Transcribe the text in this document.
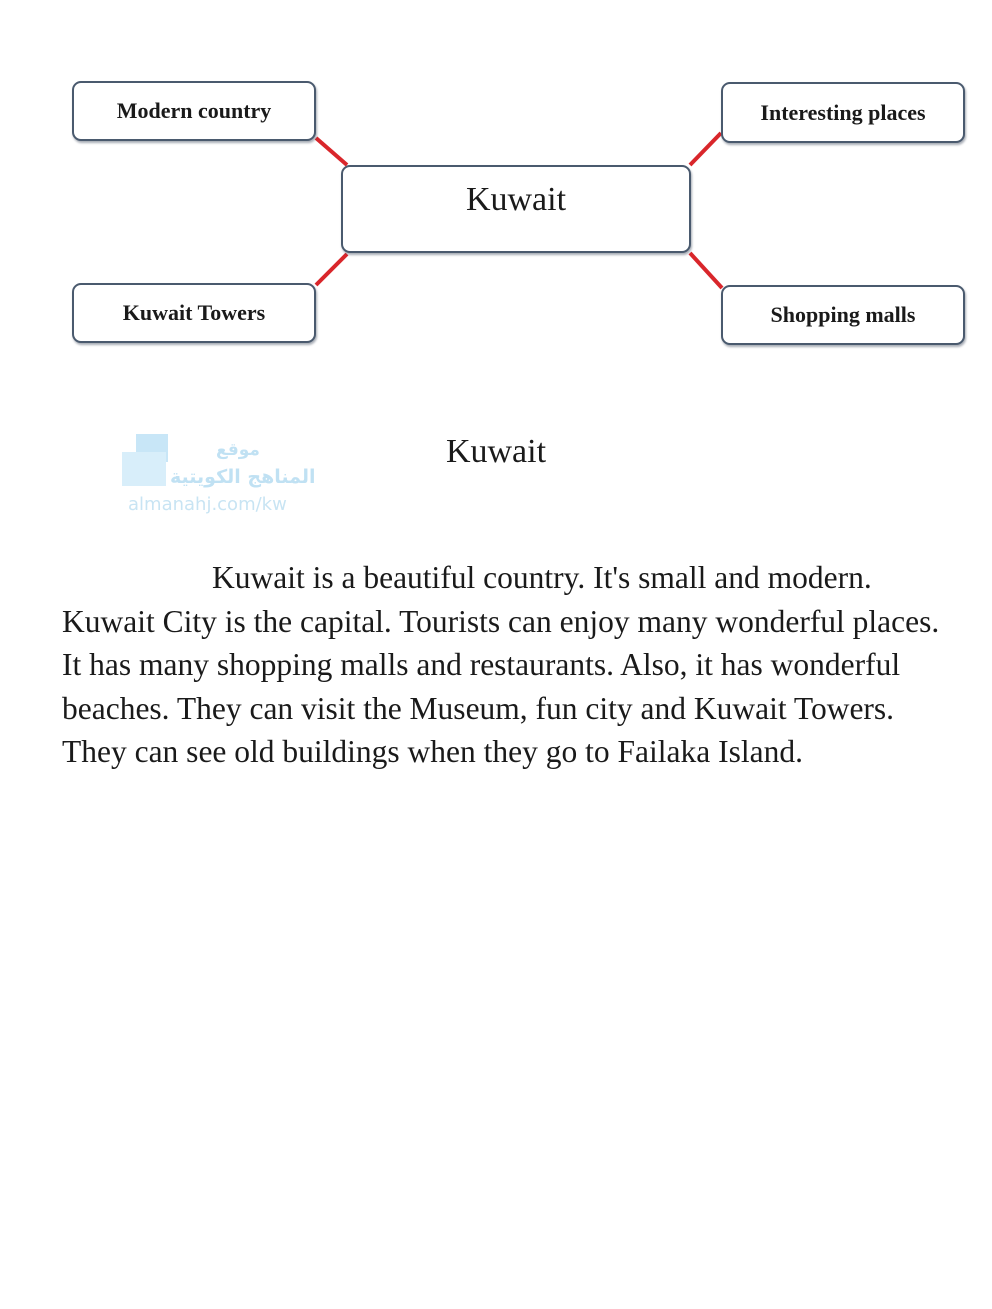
Modern country	Interesting places
Kuwait
Kuwait Towers	Shopping malls
موقع
المناهج الكويتية
almanahj.com/kw
Kuwait
Kuwait is a beautiful country. It's small and modern. Kuwait City is the capital. Tourists can enjoy many wonderful places. It has many shopping malls and restaurants. Also, it has wonderful beaches. They can visit the Museum, fun city and Kuwait Towers. They can see old buildings when they go to Failaka Island.
